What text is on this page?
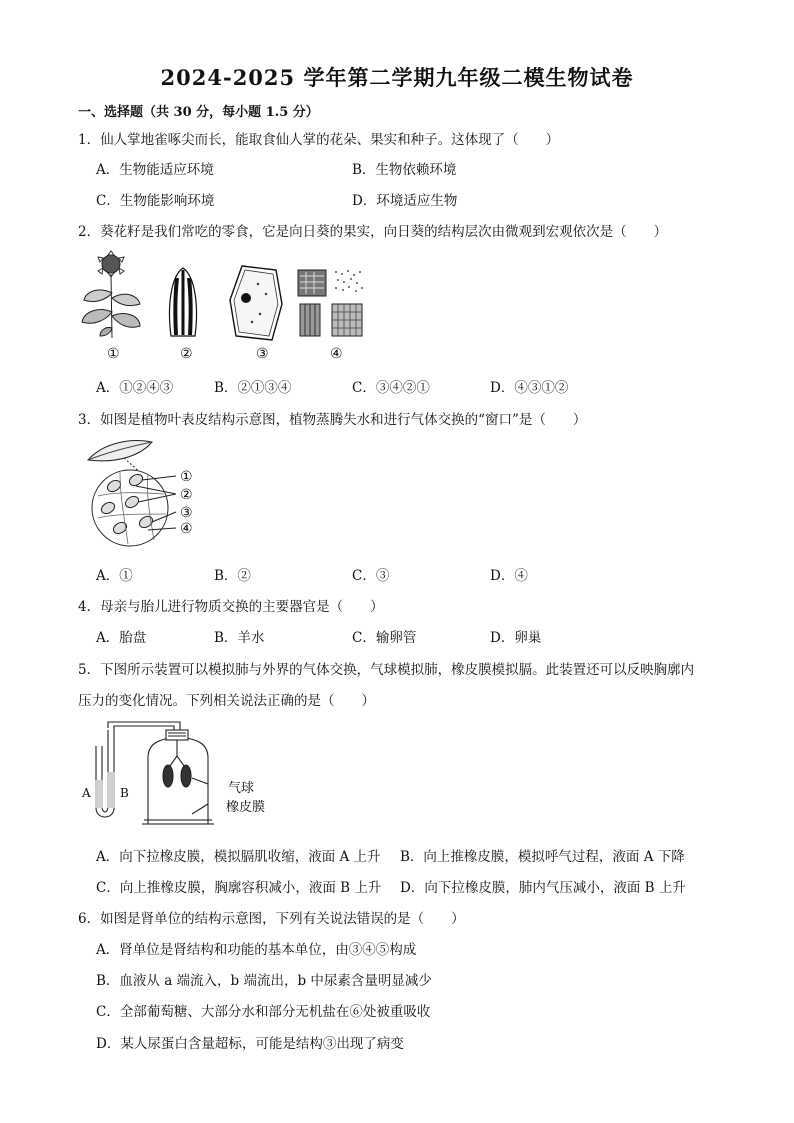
2024-2025 学年第二学期九年级二模生物试卷
一、选择题（共 30 分，每小题 1.5 分）
1．仙人掌地雀啄尖而长，能取食仙人掌的花朵、果实和种子。这体现了（　　）
A．生物能适应环境	B．生物依赖环境
C．生物能影响环境	D．环境适应生物
2．葵花籽是我们常吃的零食，它是向日葵的果实，向日葵的结构层次由微观到宏观依次是（　　）
①	②	③	④
A．①②④③	B．②①③④	C．③④②①	D．④③①②
3．如图是植物叶表皮结构示意图，植物蒸腾失水和进行气体交换的“窗口”是（　　）
①
②
③
④
A．①	B．②	C．③	D．④
4．母亲与胎儿进行物质交换的主要器官是（　　）
A．胎盘	B．羊水	C．输卵管	D．卵巢
5．下图所示装置可以模拟肺与外界的气体交换，气球模拟肺，橡皮膜模拟膈。此装置还可以反映胸廓内
压力的变化情况。下列相关说法正确的是（　　）
A B	气球
橡皮膜
A．向下拉橡皮膜，模拟膈肌收缩，液面 A 上升 B．向上推橡皮膜，模拟呼气过程，液面 A 下降
C．向上推橡皮膜，胸廓容积减小，液面 B 上升 D．向下拉橡皮膜，肺内气压减小，液面 B 上升
6．如图是肾单位的结构示意图，下列有关说法错误的是（　　）
A．肾单位是肾结构和功能的基本单位，由③④⑤构成
B．血液从 a 端流入，b 端流出，b 中尿素含量明显减少
C．全部葡萄糖、大部分水和部分无机盐在⑥处被重吸收
D．某人尿蛋白含量超标，可能是结构③出现了病变
